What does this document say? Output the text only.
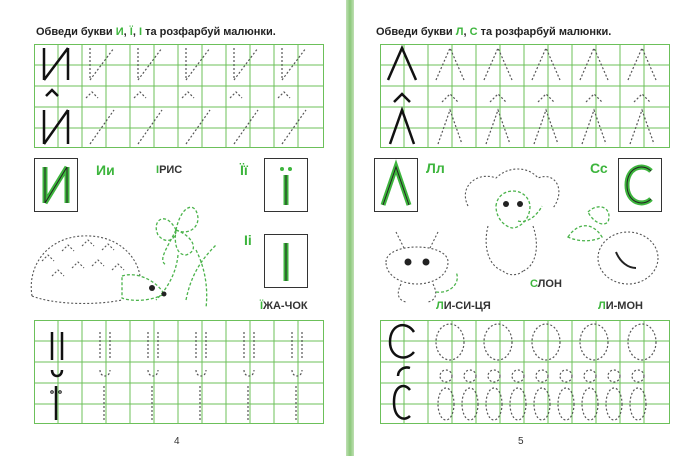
Обведи букви И, Ї, І та розфарбуй малюнки.
Ии	ІРИС	Її
Іі
ЇЖА-ЧОК
4
Обведи букви Л, С та розфарбуй малюнки.
Лл	Сс
СЛОН
ЛИ-СИ-ЦЯ	ЛИ-МОН
5
